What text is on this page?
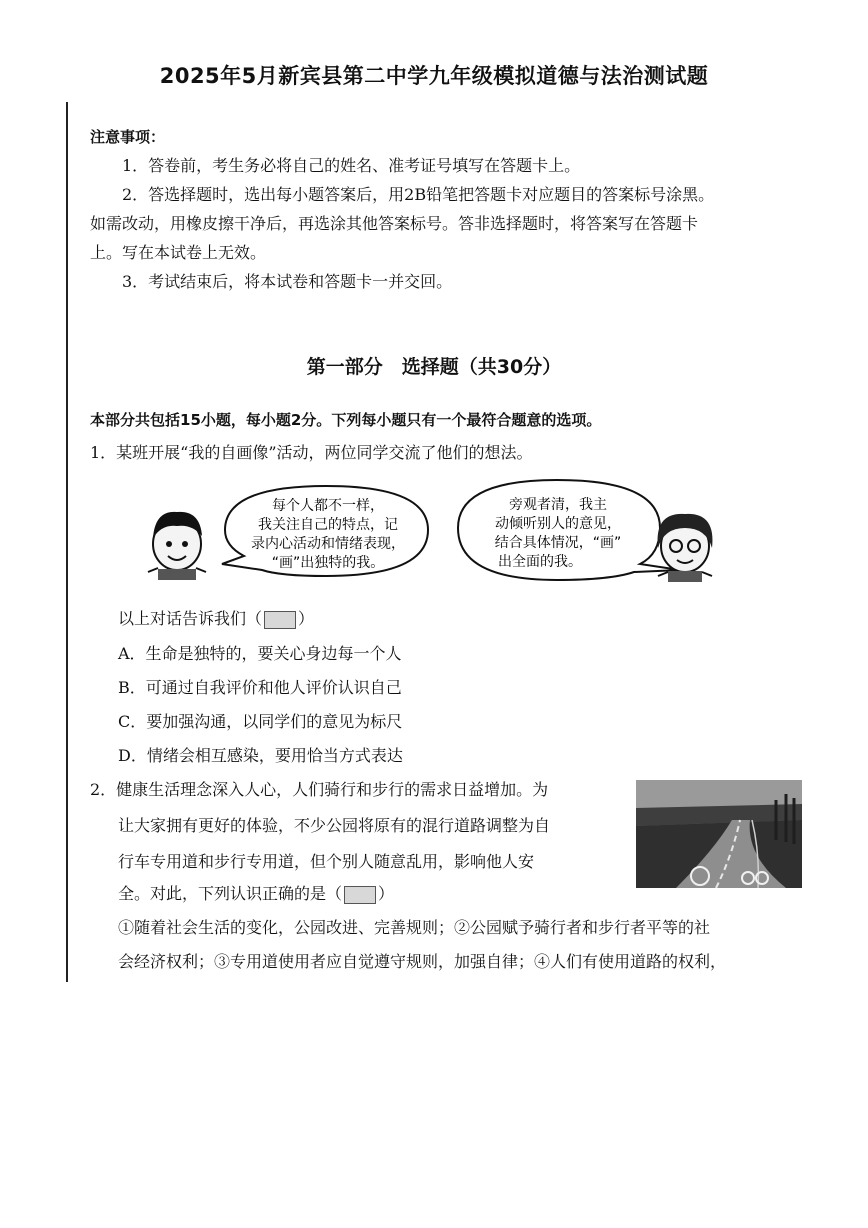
2025年5月新宾县第二中学九年级模拟道德与法治测试题
注意事项：
1．答卷前，考生务必将自己的姓名、准考证号填写在答题卡上。
2．答选择题时，选出每小题答案后，用2B铅笔把答题卡对应题目的答案标号涂黑。
如需改动，用橡皮擦干净后，再选涂其他答案标号。答非选择题时，将答案写在答题卡
上。写在本试卷上无效。
3．考试结束后，将本试卷和答题卡一并交回。
第一部分　选择题（共30分）
本部分共包括15小题，每小题2分。下列每小题只有一个最符合题意的选项。
1．某班开展“我的自画像”活动，两位同学交流了他们的想法。
每个人都不一样，
我关注自己的特点，记
录内心活动和情绪表现，
“画”出独特的我。
旁观者清，我主
动倾听别人的意见，
结合具体情况，“画”
出全面的我。
以上对话告诉我们（ ）
A．生命是独特的，要关心身边每一个人
B．可通过自我评价和他人评价认识自己
C．要加强沟通，以同学们的意见为标尺
D．情绪会相互感染，要用恰当方式表达
2．健康生活理念深入人心，人们骑行和步行的需求日益增加。为
让大家拥有更好的体验，不少公园将原有的混行道路调整为自
行车专用道和步行专用道，但个别人随意乱用，影响他人安
全。对此，下列认识正确的是（ ）
①随着社会生活的变化，公园改进、完善规则；②公园赋予骑行者和步行者平等的社
会经济权利；③专用道使用者应自觉遵守规则，加强自律；④人们有使用道路的权利，
